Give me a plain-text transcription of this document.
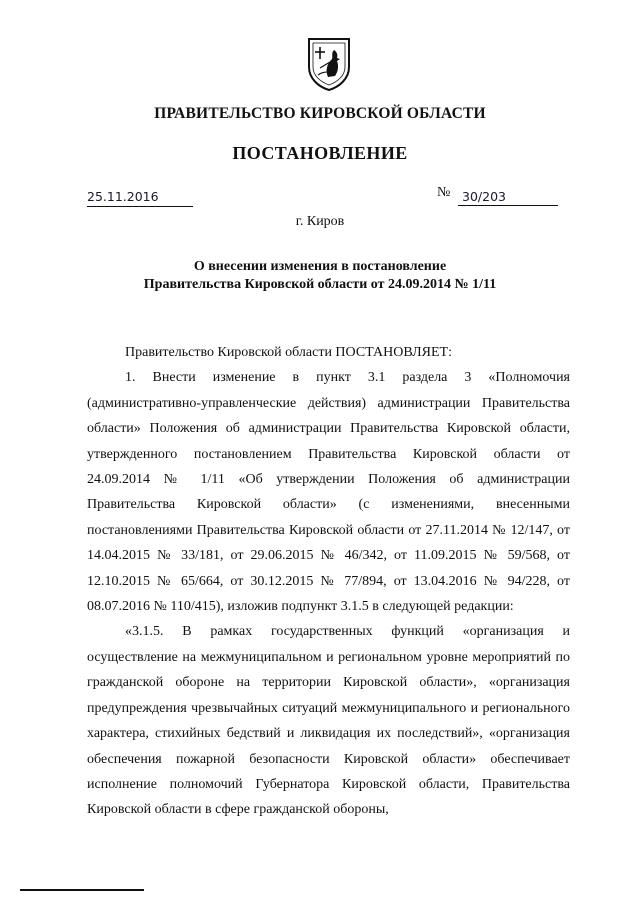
ПРАВИТЕЛЬСТВО КИРОВСКОЙ ОБЛАСТИ
ПОСТАНОВЛЕНИЕ
25.11.2016	№ 30/203
г. Киров
О внесении изменения в постановление
Правительства Кировской области от 24.09.2014 № 1/11

Правительство Кировской области ПОСТАНОВЛЯЕТ:

1. Внести изменение в пункт 3.1 раздела 3 «Полномочия (административно-управленческие действия) администрации Правительства области» Положения об администрации Правительства Кировской области, утвержденного постановлением Правительства Кировской области от 24.09.2014 № 1/11 «Об утверждении Положения об администрации Правительства Кировской области» (с изменениями, внесенными постановлениями Правительства Кировской области от 27.11.2014 № 12/147, от 14.04.2015 № 33/181, от 29.06.2015 № 46/342, от 11.09.2015 № 59/568, от 12.10.2015 № 65/664, от 30.12.2015 № 77/894, от 13.04.2016 № 94/228, от 08.07.2016 № 110/415), изложив подпункт 3.1.5 в следующей редакции:

«3.1.5. В рамках государственных функций «организация и осуществление на межмуниципальном и региональном уровне мероприятий по гражданской обороне на территории Кировской области», «организация предупреждения чрезвычайных ситуаций межмуниципального и регионального характера, стихийных бедствий и ликвидация их последствий», «организация обеспечения пожарной безопасности Кировской области» обеспечивает исполнение полномочий Губернатора Кировской области, Правительства Кировской области в сфере гражданской обороны,
